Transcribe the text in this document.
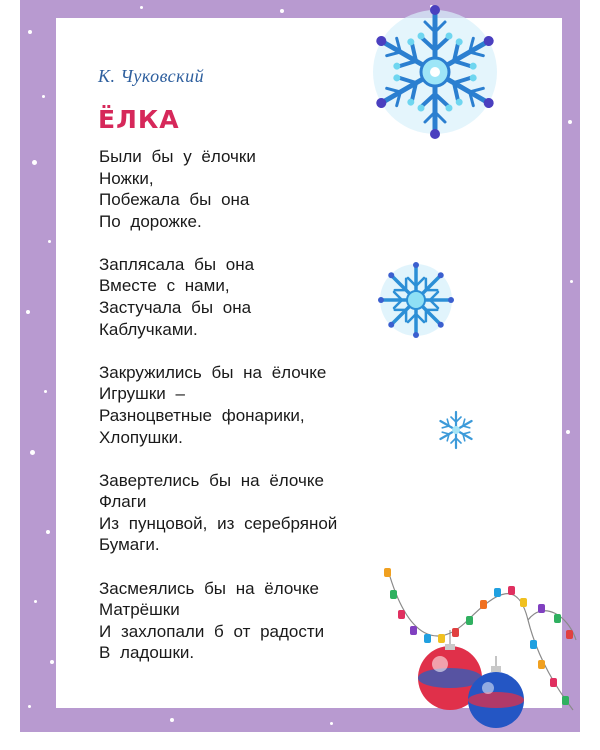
К. Чуковский
ЁЛКА
Были бы у ёлочки
Ножки,
Побежала бы она
По дорожке.
Заплясала бы она
Вместе с нами,
Застучала бы она
Каблучками.
Закружились бы на ёлочке
Игрушки –
Разноцветные фонарики,
Хлопушки.
Завертелись бы на ёлочке
Флаги
Из пунцовой, из серебряной
Бумаги.
Засмеялись бы на ёлочке
Матрёшки
И захлопали б от радости
В ладошки.
